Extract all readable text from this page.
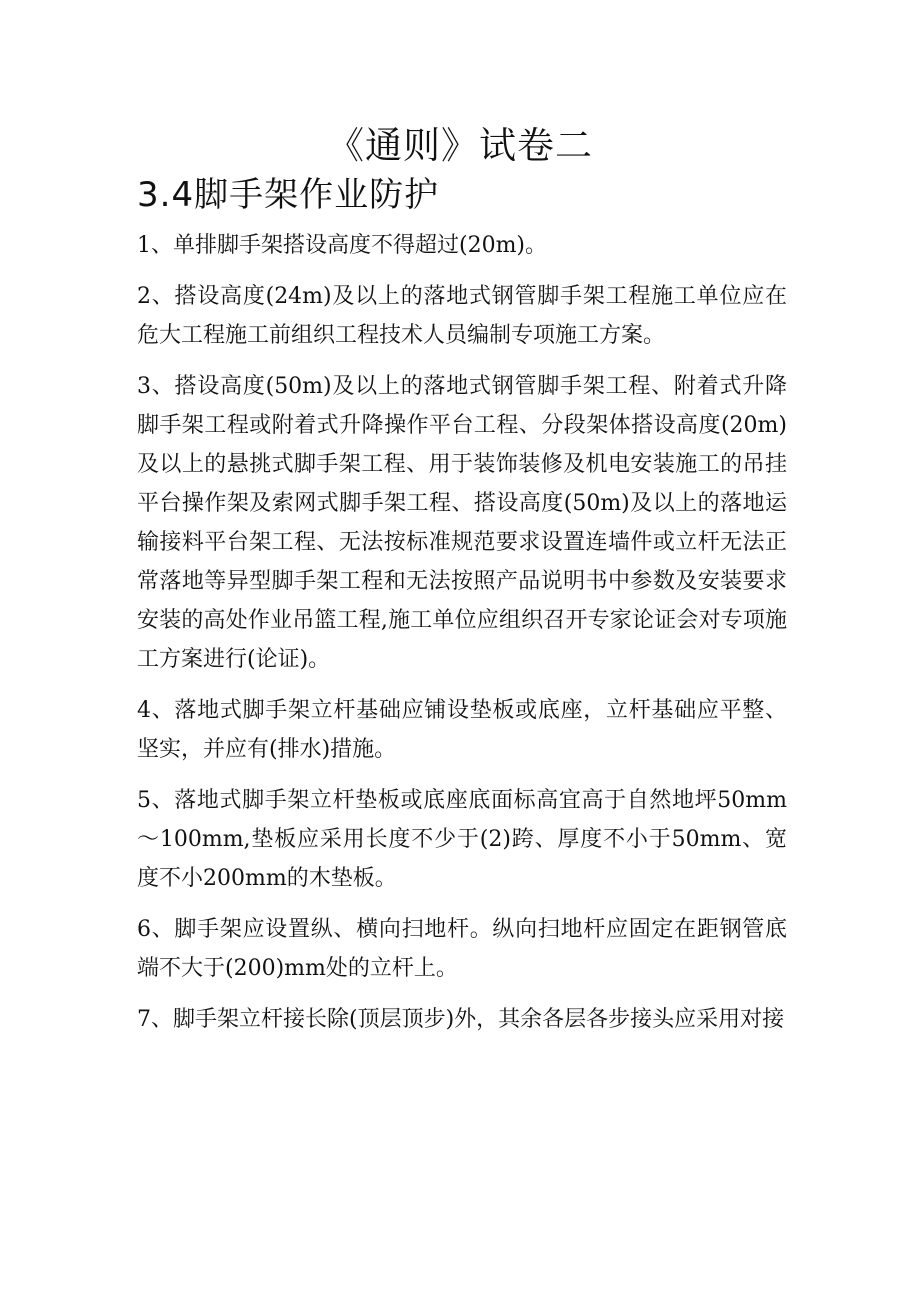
《通则》试卷二
3.4脚手架作业防护

1、单排脚手架搭设高度不得超过(20m)。

2、搭设高度(24m)及以上的落地式钢管脚手架工程施工单位应在危大工程施工前组织工程技术人员编制专项施工方案。

3、搭设高度(50m)及以上的落地式钢管脚手架工程、附着式升降脚手架工程或附着式升降操作平台工程、分段架体搭设高度(20m)及以上的悬挑式脚手架工程、用于装饰装修及机电安装施工的吊挂平台操作架及索网式脚手架工程、搭设高度(50m)及以上的落地运输接料平台架工程、无法按标准规范要求设置连墙件或立杆无法正常落地等异型脚手架工程和无法按照产品说明书中参数及安装要求安装的高处作业吊篮工程,施工单位应组织召开专家论证会对专项施工方案进行(论证)。

4、落地式脚手架立杆基础应铺设垫板或底座，立杆基础应平整、坚实，并应有(排水)措施。

5、落地式脚手架立杆垫板或底座底面标高宜高于自然地坪50mm～100mm,垫板应采用长度不少于(2)跨、厚度不小于50mm、宽度不小200mm的木垫板。

6、脚手架应设置纵、横向扫地杆。纵向扫地杆应固定在距钢管底端不大于(200)mm处的立杆上。

7、脚手架立杆接长除(顶层顶步)外，其余各层各步接头应采用对接
